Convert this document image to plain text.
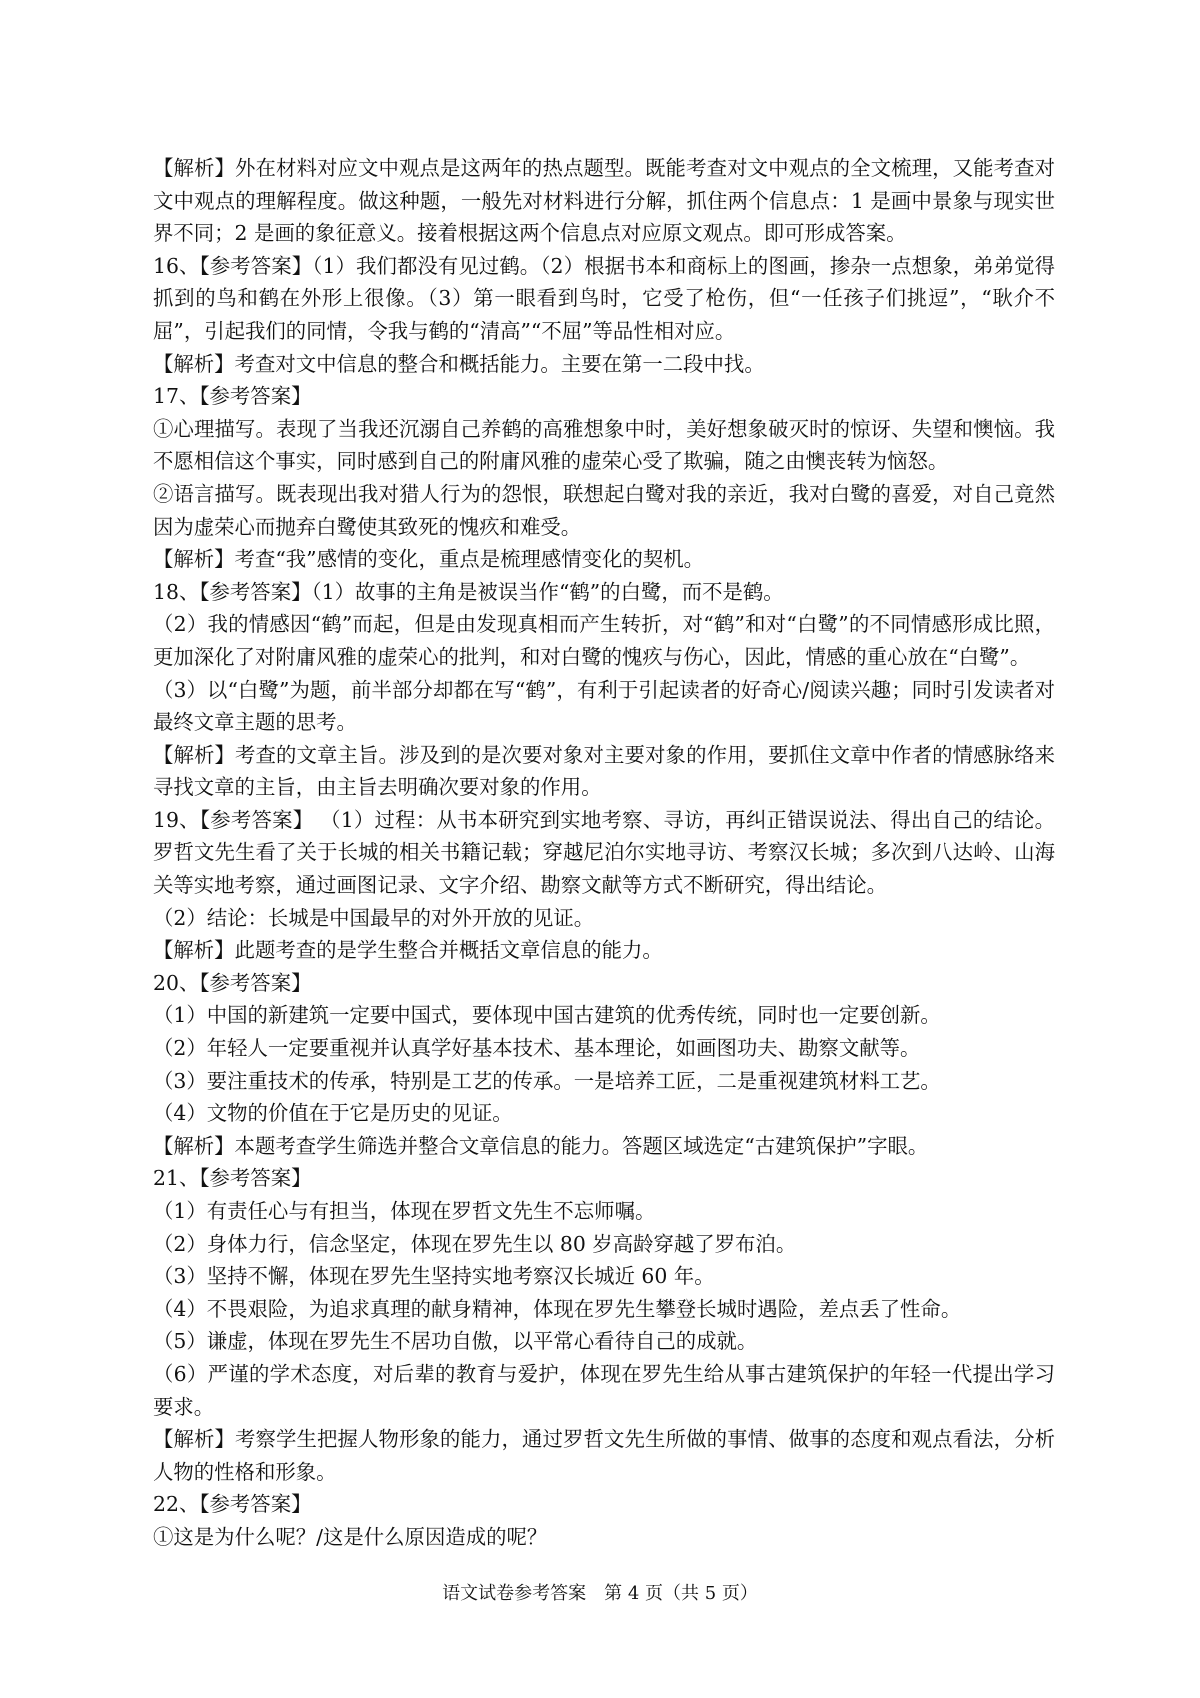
【解析】外在材料对应文中观点是这两年的热点题型。既能考查对文中观点的全文梳理，又能考查对文中观点的理解程度。做这种题，一般先对材料进行分解，抓住两个信息点：1 是画中景象与现实世界不同；2 是画的象征意义。接着根据这两个信息点对应原文观点。即可形成答案。

16、【参考答案】（1）我们都没有见过鹤。（2）根据书本和商标上的图画，掺杂一点想象，弟弟觉得抓到的鸟和鹤在外形上很像。（3）第一眼看到鸟时，它受了枪伤，但“一任孩子们挑逗”，“耿介不屈”，引起我们的同情，令我与鹤的“清高”“不屈”等品性相对应。

【解析】考查对文中信息的整合和概括能力。主要在第一二段中找。

17、【参考答案】

①心理描写。表现了当我还沉溺自己养鹤的高雅想象中时，美好想象破灭时的惊讶、失望和懊恼。我不愿相信这个事实，同时感到自己的附庸风雅的虚荣心受了欺骗，随之由懊丧转为恼怒。

②语言描写。既表现出我对猎人行为的怨恨，联想起白鹭对我的亲近，我对白鹭的喜爱，对自己竟然因为虚荣心而抛弃白鹭使其致死的愧疚和难受。

【解析】考查“我”感情的变化，重点是梳理感情变化的契机。

18、【参考答案】（1）故事的主角是被误当作“鹤”的白鹭，而不是鹤。

（2）我的情感因“鹤”而起，但是由发现真相而产生转折，对“鹤”和对“白鹭”的不同情感形成比照，更加深化了对附庸风雅的虚荣心的批判，和对白鹭的愧疚与伤心，因此，情感的重心放在“白鹭”。

（3）以“白鹭”为题，前半部分却都在写“鹤”，有利于引起读者的好奇心/阅读兴趣；同时引发读者对最终文章主题的思考。

【解析】考查的文章主旨。涉及到的是次要对象对主要对象的作用，要抓住文章中作者的情感脉络来寻找文章的主旨，由主旨去明确次要对象的作用。

19、【参考答案】 （1）过程：从书本研究到实地考察、寻访，再纠正错误说法、得出自己的结论。罗哲文先生看了关于长城的相关书籍记载；穿越尼泊尔实地寻访、考察汉长城；多次到八达岭、山海关等实地考察，通过画图记录、文字介绍、勘察文献等方式不断研究，得出结论。

（2）结论：长城是中国最早的对外开放的见证。

【解析】此题考查的是学生整合并概括文章信息的能力。

20、【参考答案】

（1）中国的新建筑一定要中国式，要体现中国古建筑的优秀传统，同时也一定要创新。

（2）年轻人一定要重视并认真学好基本技术、基本理论，如画图功夫、勘察文献等。

（3）要注重技术的传承，特别是工艺的传承。一是培养工匠，二是重视建筑材料工艺。

（4）文物的价值在于它是历史的见证。

【解析】本题考查学生筛选并整合文章信息的能力。答题区域选定“古建筑保护”字眼。

21、【参考答案】

（1）有责任心与有担当，体现在罗哲文先生不忘师嘱。

（2）身体力行，信念坚定，体现在罗先生以 80 岁高龄穿越了罗布泊。

（3）坚持不懈，体现在罗先生坚持实地考察汉长城近 60 年。

（4）不畏艰险，为追求真理的献身精神，体现在罗先生攀登长城时遇险，差点丢了性命。

（5）谦虚，体现在罗先生不居功自傲，以平常心看待自己的成就。

（6）严谨的学术态度，对后辈的教育与爱护，体现在罗先生给从事古建筑保护的年轻一代提出学习要求。

【解析】考察学生把握人物形象的能力，通过罗哲文先生所做的事情、做事的态度和观点看法，分析人物的性格和形象。

22、【参考答案】

①这是为什么呢？/这是什么原因造成的呢？

语文试卷参考答案　第 4 页（共 5 页）
